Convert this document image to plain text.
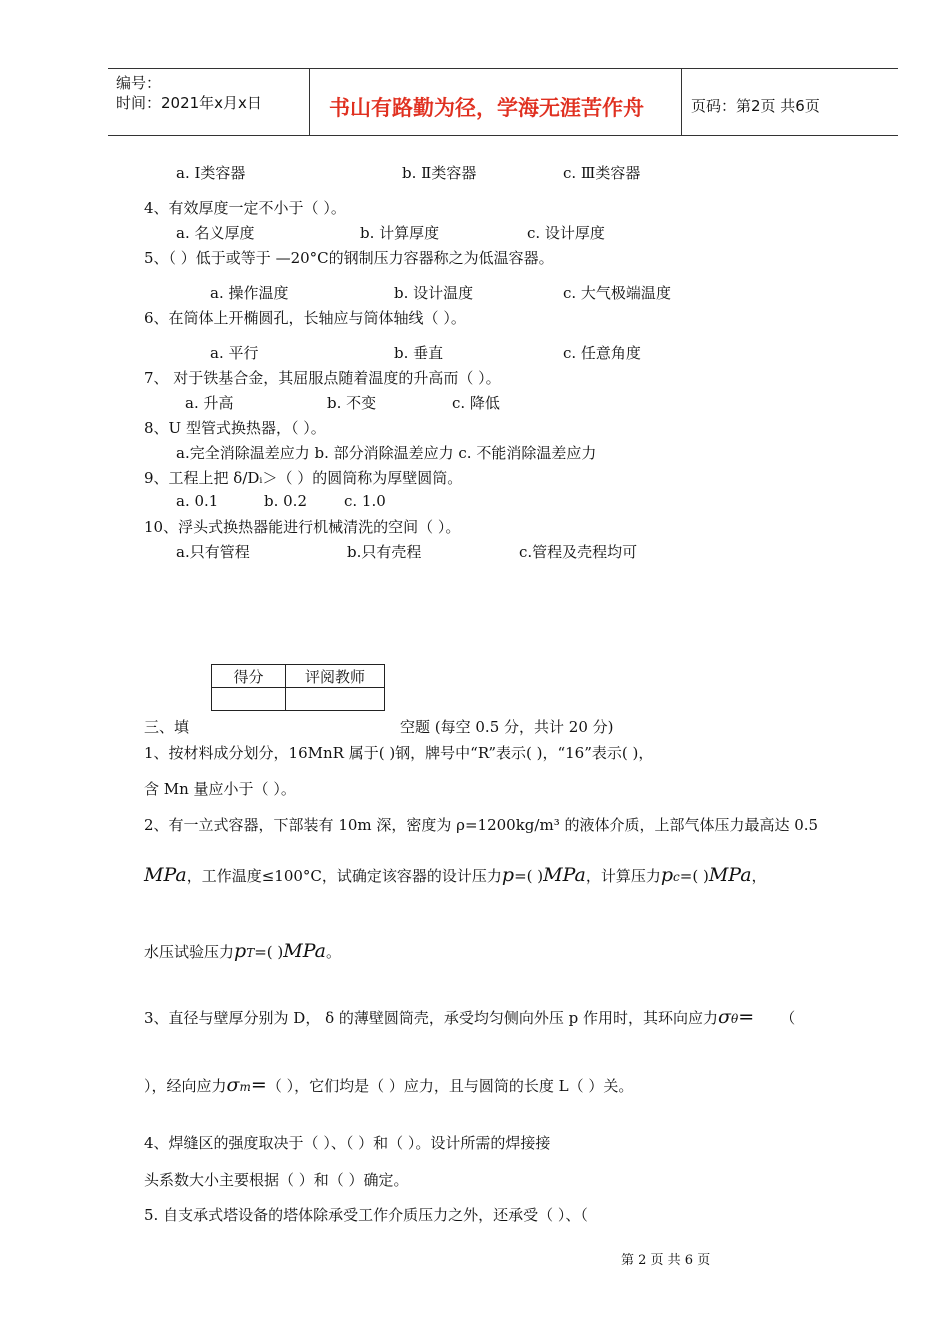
编号：
时间：2021年x月x日	书山有路勤为径，学海无涯苦作舟	页码：第2页 共6页
a. Ⅰ类容器	b. Ⅱ类容器	c. Ⅲ类容器
4、有效厚度一定不小于（ ）。
a. 名义厚度	b. 计算厚度	c. 设计厚度
5、（ ）低于或等于 —20°C的钢制压力容器称之为低温容器。
a. 操作温度	b. 设计温度	c. 大气极端温度
6、在筒体上开椭圆孔，长轴应与筒体轴线（ ）。
a. 平行	b. 垂直	c. 任意角度
7、 对于铁基合金，其屈服点随着温度的升高而（ ）。
a. 升高	b. 不变	c. 降低
8、U 型管式换热器，（ ）。
a.完全消除温差应力 b. 部分消除温差应力 c. 不能消除温差应力
9、工程上把 δ/Dᵢ＞（ ）的圆筒称为厚壁圆筒。
a. 0.1	b. 0.2 c. 1.0
10、浮头式换热器能进行机械清洗的空间（ ）。
a.只有管程	b.只有壳程	c.管程及壳程均可
得分	评阅教师

三、填	空题 (每空 0.5 分，共计 20 分)
1、按材料成分划分，16MnR 属于( )钢，牌号中“R”表示( )，“16”表示( )，
含 Mn 量应小于（ ）。
2、有一立式容器，下部装有 10m 深，密度为 ρ=1200kg/m³ 的液体介质，上部气体压力最高达 0.5
MPa，工作温度≤100°C，试确定该容器的设计压力p=( )MPa，计算压力pc=( )MPa，
水压试验压力pT=( )MPa。
3、直径与壁厚分别为 D， δ 的薄壁圆筒壳，承受均匀侧向外压 p 作用时，其环向应力σθ= （
），经向应力σm=（ ），它们均是（ ）应力，且与圆筒的长度 L（ ）关。
4、焊缝区的强度取决于（ ）、（ ）和（ ）。设计所需的焊接接
头系数大小主要根据（ ）和（ ）确定。
5. 自支承式塔设备的塔体除承受工作介质压力之外，还承受（ ）、（
第 2 页 共 6 页
